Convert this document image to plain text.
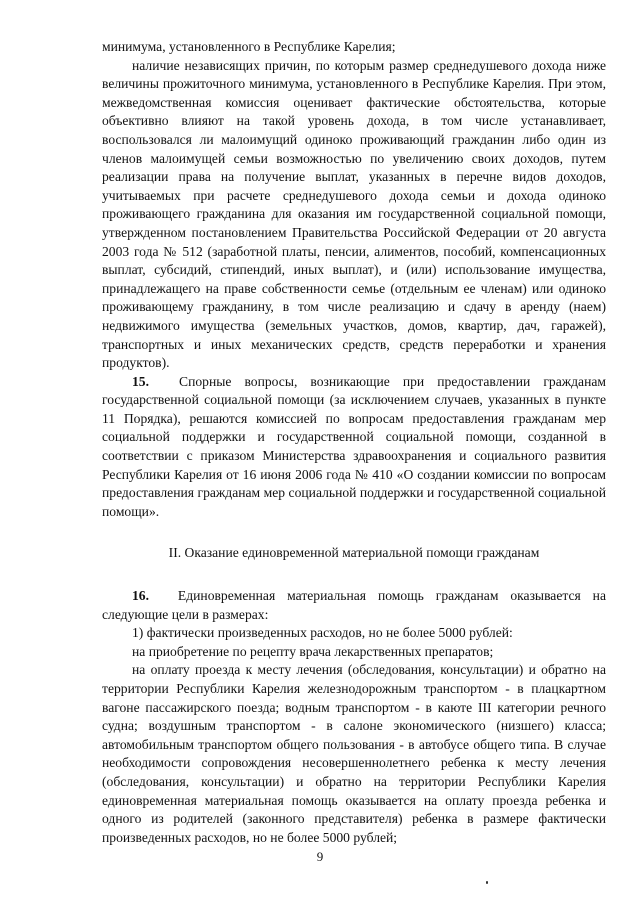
минимума, установленного в Республике Карелия;

наличие независящих причин, по которым размер среднедушевого дохода ниже величины прожиточного минимума, установленного в Республике Карелия. При этом, межведомственная комиссия оценивает фактические обстоятельства, которые объективно влияют на такой уровень дохода, в том числе устанавливает, воспользовался ли малоимущий одиноко проживающий гражданин либо один из членов малоимущей семьи возможностью по увеличению своих доходов, путем реализации права на получение выплат, указанных в перечне видов доходов, учитываемых при расчете среднедушевого дохода семьи и дохода одиноко проживающего гражданина для оказания им государственной социальной помощи, утвержденном постановлением Правительства Российской Федерации от 20 августа 2003 года № 512 (заработной платы, пенсии, алиментов, пособий, компенсационных выплат, субсидий, стипендий, иных выплат), и (или) использование имущества, принадлежащего на праве собственности семье (отдельным ее членам) или одиноко проживающему гражданину, в том числе реализацию и сдачу в аренду (наем) недвижимого имущества (земельных участков, домов, квартир, дач, гаражей), транспортных и иных механических средств, средств переработки и хранения продуктов).

15. Спорные вопросы, возникающие при предоставлении гражданам государственной социальной помощи (за исключением случаев, указанных в пункте 11 Порядка), решаются комиссией по вопросам предоставления гражданам мер социальной поддержки и государственной социальной помощи, созданной в соответствии с приказом Министерства здравоохранения и социального развития Республики Карелия от 16 июня 2006 года № 410 «О создании комиссии по вопросам предоставления гражданам мер социальной поддержки и государственной социальной помощи».

II. Оказание единовременной материальной помощи гражданам

16. Единовременная материальная помощь гражданам оказывается на следующие цели в размерах:

1) фактически произведенных расходов, но не более 5000 рублей:

на приобретение по рецепту врача лекарственных препаратов;

на оплату проезда к месту лечения (обследования, консультации) и обратно на территории Республики Карелия железнодорожным транспортом - в плацкартном вагоне пассажирского поезда; водным транспортом - в каюте III категории речного судна; воздушным транспортом - в салоне экономического (низшего) класса; автомобильным транспортом общего пользования - в автобусе общего типа. В случае необходимости сопровождения несовершеннолетнего ребенка к месту лечения (обследования, консультации) и обратно на территории Республики Карелия единовременная материальная помощь оказывается на оплату проезда ребенка и одного из родителей (законного представителя) ребенка в размере фактически произведенных расходов, но не более 5000 рублей;

9
